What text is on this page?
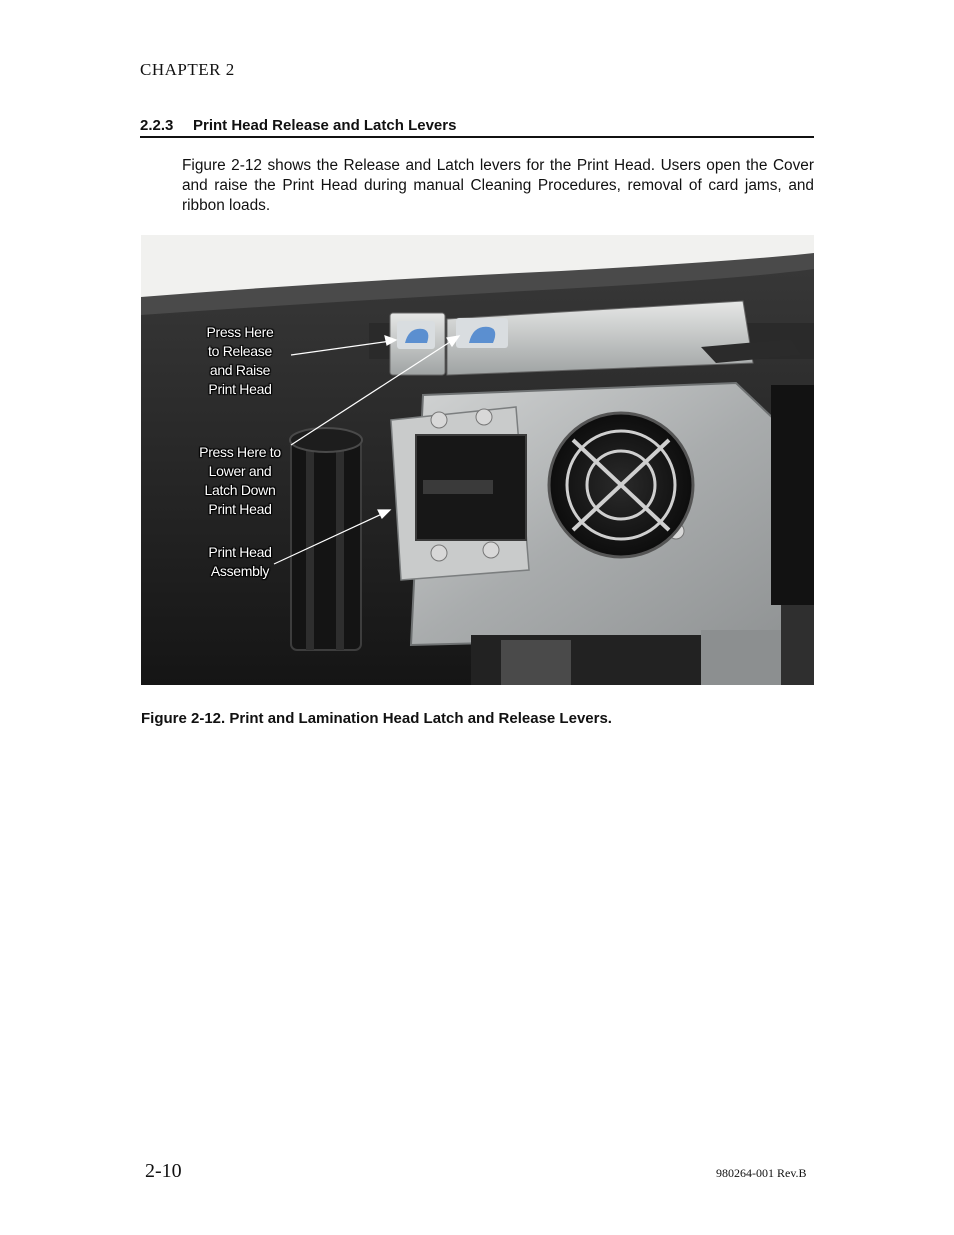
CHAPTER 2
2.2.3 Print Head Release and Latch Levers
Figure 2-12 shows the Release and Latch levers for the Print Head. Users open the Cover and raise the Print Head during manual Cleaning Procedures, removal of card jams, and ribbon loads.
Press Here
to Release
and Raise
Print Head
Press Here to
Lower and
Latch Down
Print Head
Print Head
Assembly
Figure 2-12. Print and Lamination Head Latch and Release Levers.
2-10	980264-001 Rev.B
